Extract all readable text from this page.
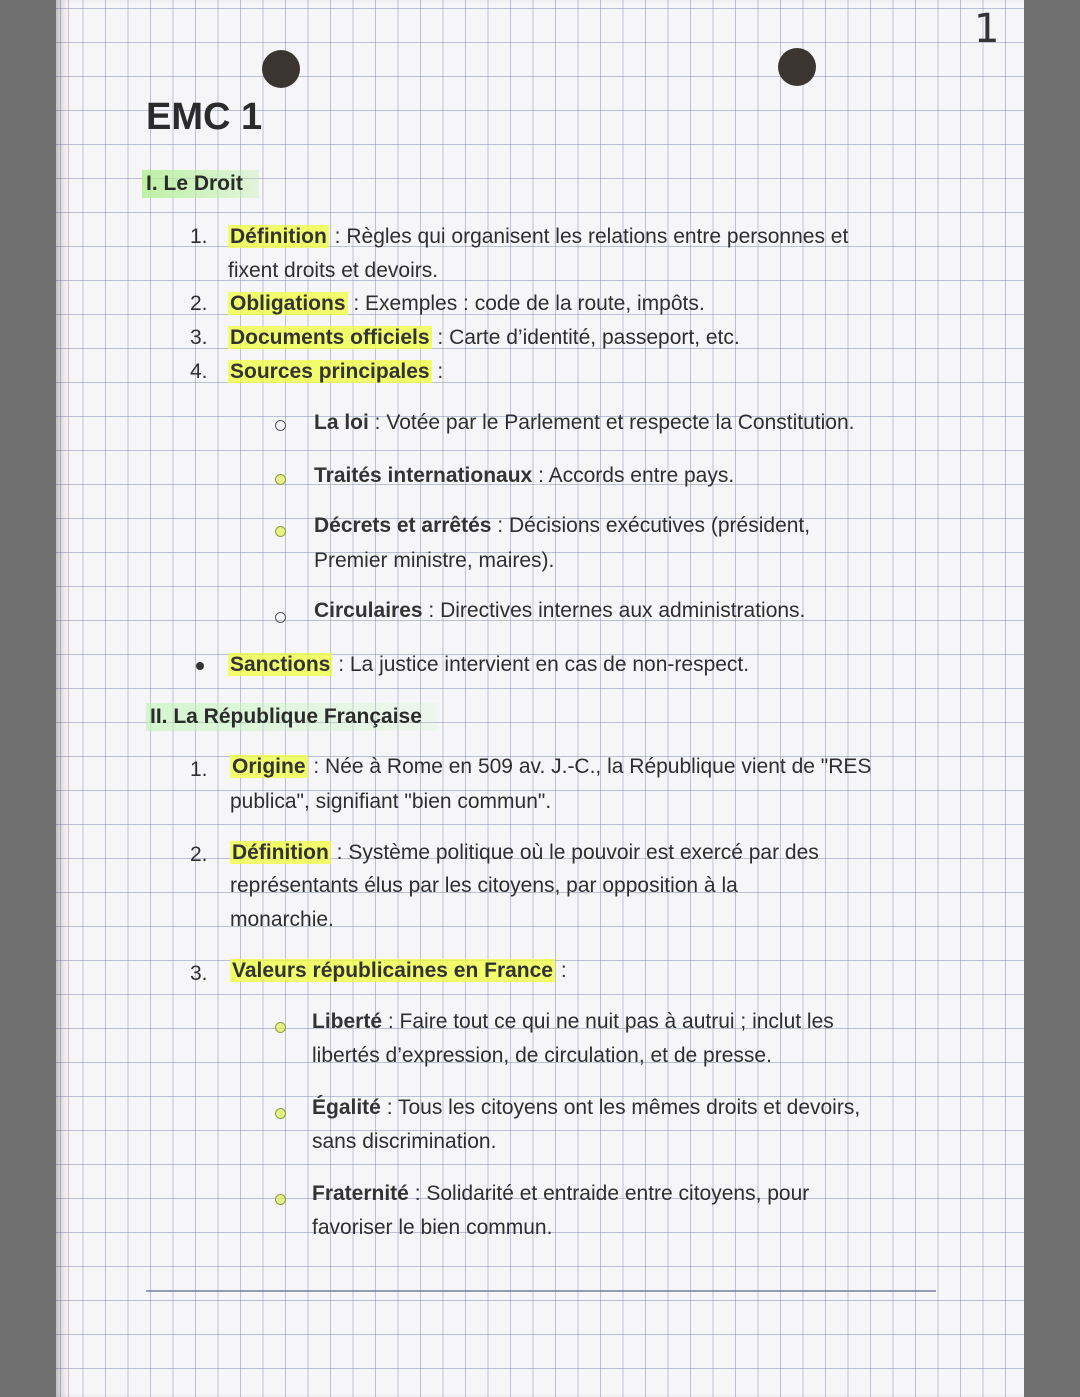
1
EMC 1
I. Le Droit
1. Définition : Règles qui organisent les relations entre personnes et
fixent droits et devoirs.
2. Obligations : Exemples : code de la route, impôts.
3. Documents officiels : Carte d’identité, passeport, etc.
4. Sources principales :
La loi : Votée par le Parlement et respecte la Constitution.
Traités internationaux : Accords entre pays.
Décrets et arrêtés : Décisions exécutives (président,
Premier ministre, maires).
Circulaires : Directives internes aux administrations.
Sanctions : La justice intervient en cas de non-respect.
II. La République Française
1. Origine : Née à Rome en 509 av. J.-C., la République vient de "RES
publica", signifiant "bien commun".
2. Définition : Système politique où le pouvoir est exercé par des
représentants élus par les citoyens, par opposition à la
monarchie.
3. Valeurs républicaines en France :
Liberté : Faire tout ce qui ne nuit pas à autrui ; inclut les
libertés d’expression, de circulation, et de presse.
Égalité : Tous les citoyens ont les mêmes droits et devoirs,
sans discrimination.
Fraternité : Solidarité et entraide entre citoyens, pour
favoriser le bien commun.
